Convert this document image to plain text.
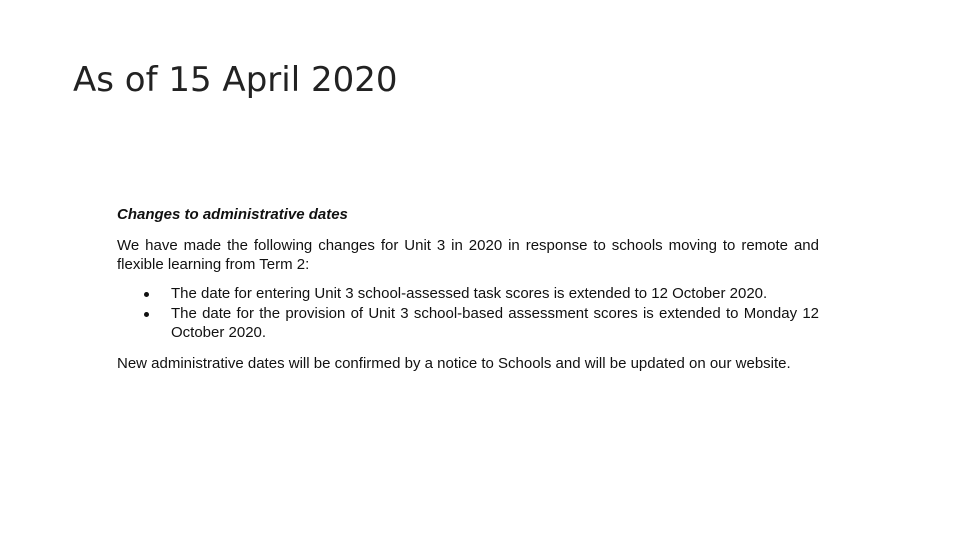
As of 15 April 2020

Changes to administrative dates

We have made the following changes for Unit 3 in 2020 in response to schools moving to remote and flexible learning from Term 2:

The date for entering Unit 3 school-assessed task scores is extended to 12 October 2020.
The date for the provision of Unit 3 school-based assessment scores is extended to Monday 12 October 2020.

New administrative dates will be confirmed by a notice to Schools and will be updated on our website.
